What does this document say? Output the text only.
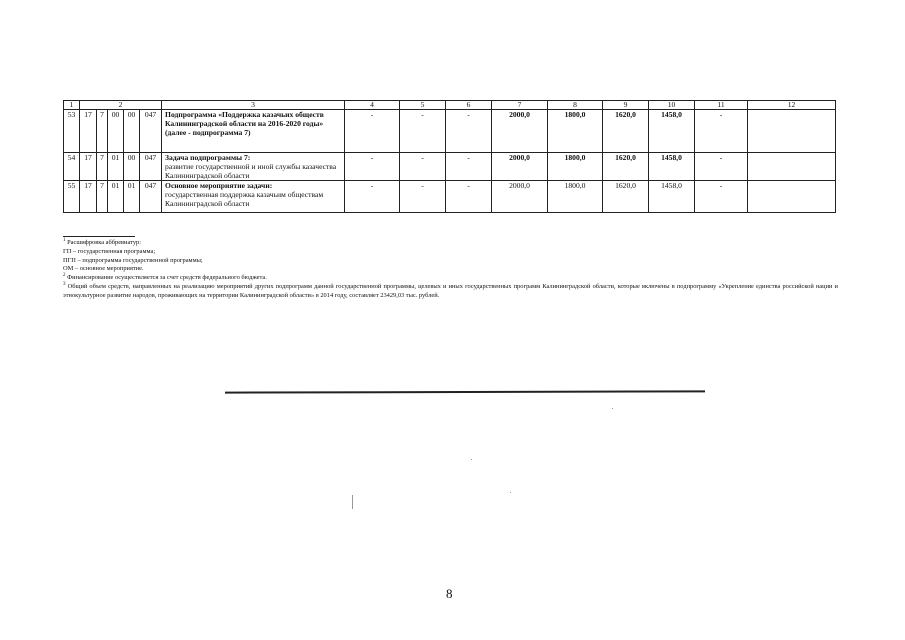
1	2					3	4	5	6	7	8	9	10	11	12
53	17	7	00	00	047	Подпрограмма «Поддержка казачьих обществ Калининградской области на 2016-2020 годы» (далее - подпрограмма 7)	-	-	-	2000,0	1800,0	1620,0	1458,0	-	
54	17	7	01	00	047	Задача подпрограммы 7:
развитие государственной и иной службы казачества Калининградской области	-	-	-	2000,0	1800,0	1620,0	1458,0	-	
55	17	7	01	01	047	Основное мероприятие задачи:
государственная поддержка казачьим обществам Калининградской области	-	-	-	2000,0	1800,0	1620,0	1458,0	-	

$^1$ Расшифровка аббревиатур:

ГП – государственная программа;

ПГП – подпрограмма государственной программы;

ОМ – основное мероприятие.

$^2$ Финансирование осуществляется за счет средств федерального бюджета.

$^3$ Общий объем средств, направленных на реализацию мероприятий других подпрограмм данной государственной программы, целевых и иных государственных программ Калининградской области, которые включены в подпрограмму «Укрепление единства российской нации и этнокультурное развитие народов, проживающих на территории Калининградской области» в 2014 году, составляет 23429,03 тыс. рублей.

8
